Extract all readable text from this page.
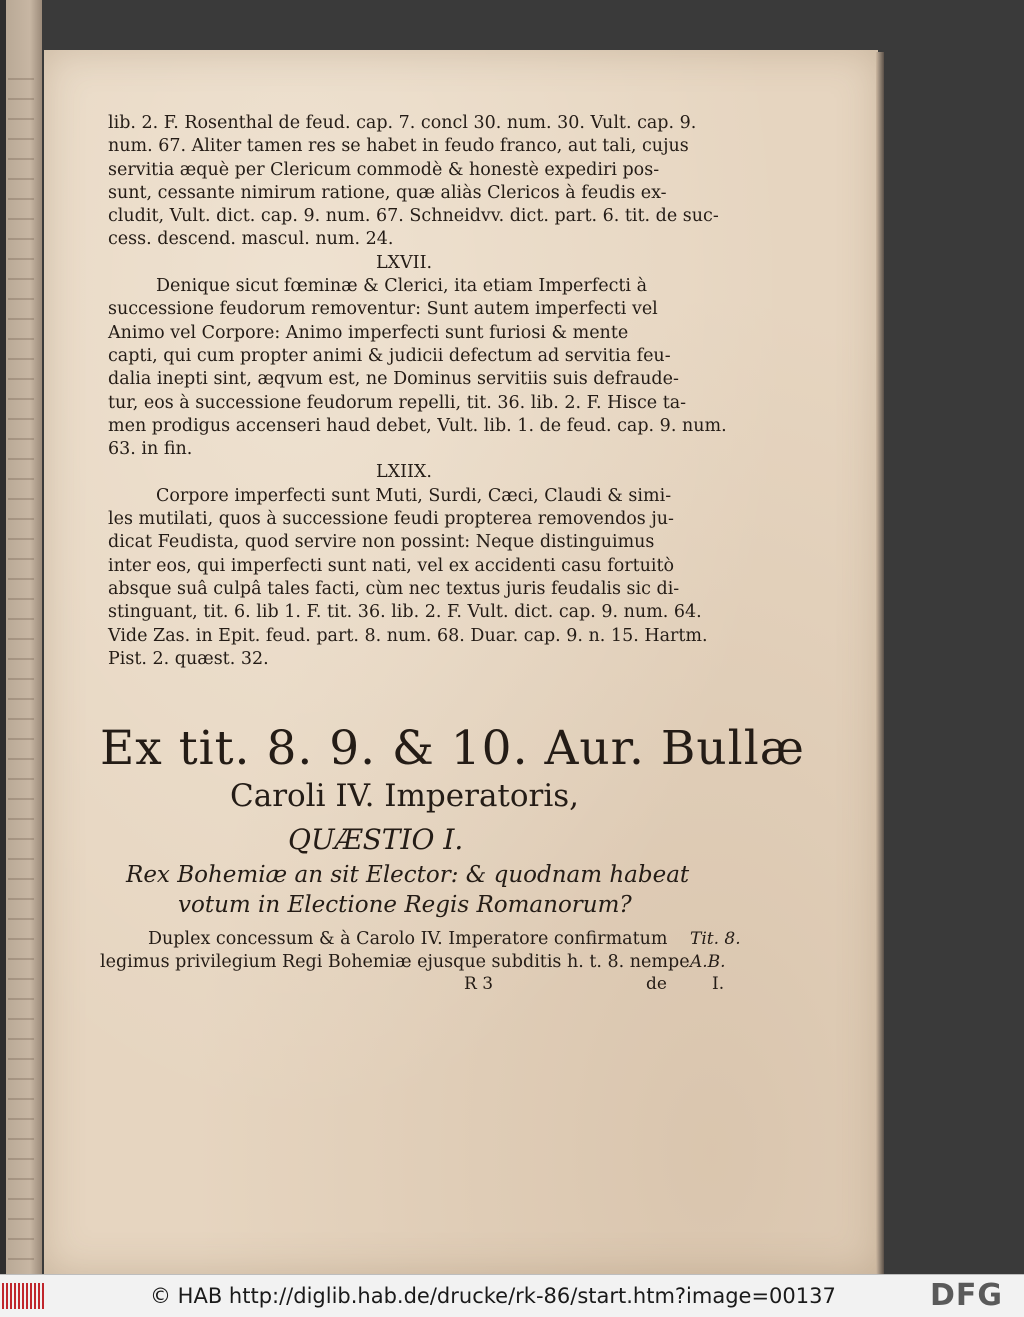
lib. 2. F. Rosenthal de feud. cap. 7. concl 30. num. 30. Vult. cap. 9.
num. 67. Aliter tamen res se habet in feudo franco, aut tali, cujus
servitia æquè per Clericum commodè & honestè expediri pos-
sunt, cessante nimirum ratione, quæ aliàs Clericos à feudis ex-
cludit, Vult. dict. cap. 9. num. 67. Schneidvv. dict. part. 6. tit. de suc-
cess. descend. mascul. num. 24.
LXVII.
Denique sicut fœminæ & Clerici, ita etiam Imperfecti à
successione feudorum removentur: Sunt autem imperfecti vel
Animo vel Corpore: Animo imperfecti sunt furiosi & mente
capti, qui cum propter animi & judicii defectum ad servitia feu-
dalia inepti sint, æqvum est, ne Dominus servitiis suis defraude-
tur, eos à successione feudorum repelli, tit. 36. lib. 2. F. Hisce ta-
men prodigus accenseri haud debet, Vult. lib. 1. de feud. cap. 9. num.
63. in fin.
LXIIX.
Corpore imperfecti sunt Muti, Surdi, Cæci, Claudi & simi-
les mutilati, quos à successione feudi propterea removendos ju-
dicat Feudista, quod servire non possint: Neque distinguimus
inter eos, qui imperfecti sunt nati, vel ex accidenti casu fortuitò
absque suâ culpâ tales facti, cùm nec textus juris feudalis sic di-
stinguant, tit. 6. lib 1. F. tit. 36. lib. 2. F. Vult. dict. cap. 9. num. 64.
Vide Zas. in Epit. feud. part. 8. num. 68. Duar. cap. 9. n. 15. Hartm.
Pist. 2. quæst. 32.
Ex tit. 8. 9. & 10. Aur. Bullæ
Caroli IV. Imperatoris,
QUÆSTIO I.
Rex Bohemiæ an sit Elector: & quodnam habeat
votum in Electione Regis Romanorum?
Duplex concessum & à Carolo IV. Imperatore confirmatum
legimus privilegium Regi Bohemiæ ejusque subditis h. t. 8. nempe
Tit. 8.
A.B.
R 3	de	I.
© HAB http://diglib.hab.de/drucke/rk-86/start.htm?image=00137	DFG
